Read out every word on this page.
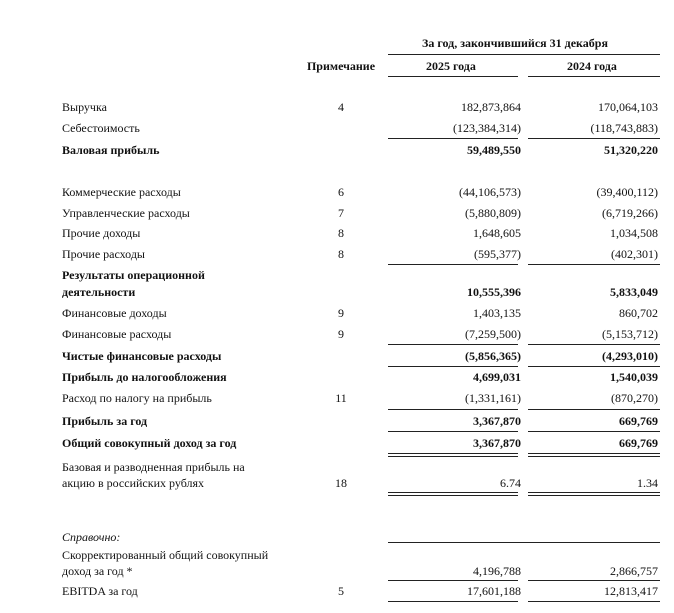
За год, закончившийся 31 декабря
Примечание	2025 года	2024 года
Выручка	4	182,873,864	170,064,103
Себестоимость	(123,384,314)	(118,743,883)
Валовая прибыль	59,489,550	51,320,220
Коммерческие расходы	6	(44,106,573)	(39,400,112)
Управленческие расходы	7	(5,880,809)	(6,719,266)
Прочие доходы	8	1,648,605	1,034,508
Прочие расходы	8	(595,377)	(402,301)
Результаты операционной
деятельности	10,555,396	5,833,049
Финансовые доходы	9	1,403,135	860,702
Финансовые расходы	9	(7,259,500)	(5,153,712)
Чистые финансовые расходы	(5,856,365)	(4,293,010)
Прибыль до налогообложения	4,699,031	1,540,039
Расход по налогу на прибыль	11	(1,331,161)	(870,270)
Прибыль за год	3,367,870	669,769
Общий совокупный доход за год	3,367,870	669,769
Базовая и разводненная прибыль на
акцию в российских рублях	18	6.74	1.34
Справочно:
Скорректированный общий совокупный
доход за год *	4,196,788	2,866,757
EBITDA за год	5	17,601,188	12,813,417
